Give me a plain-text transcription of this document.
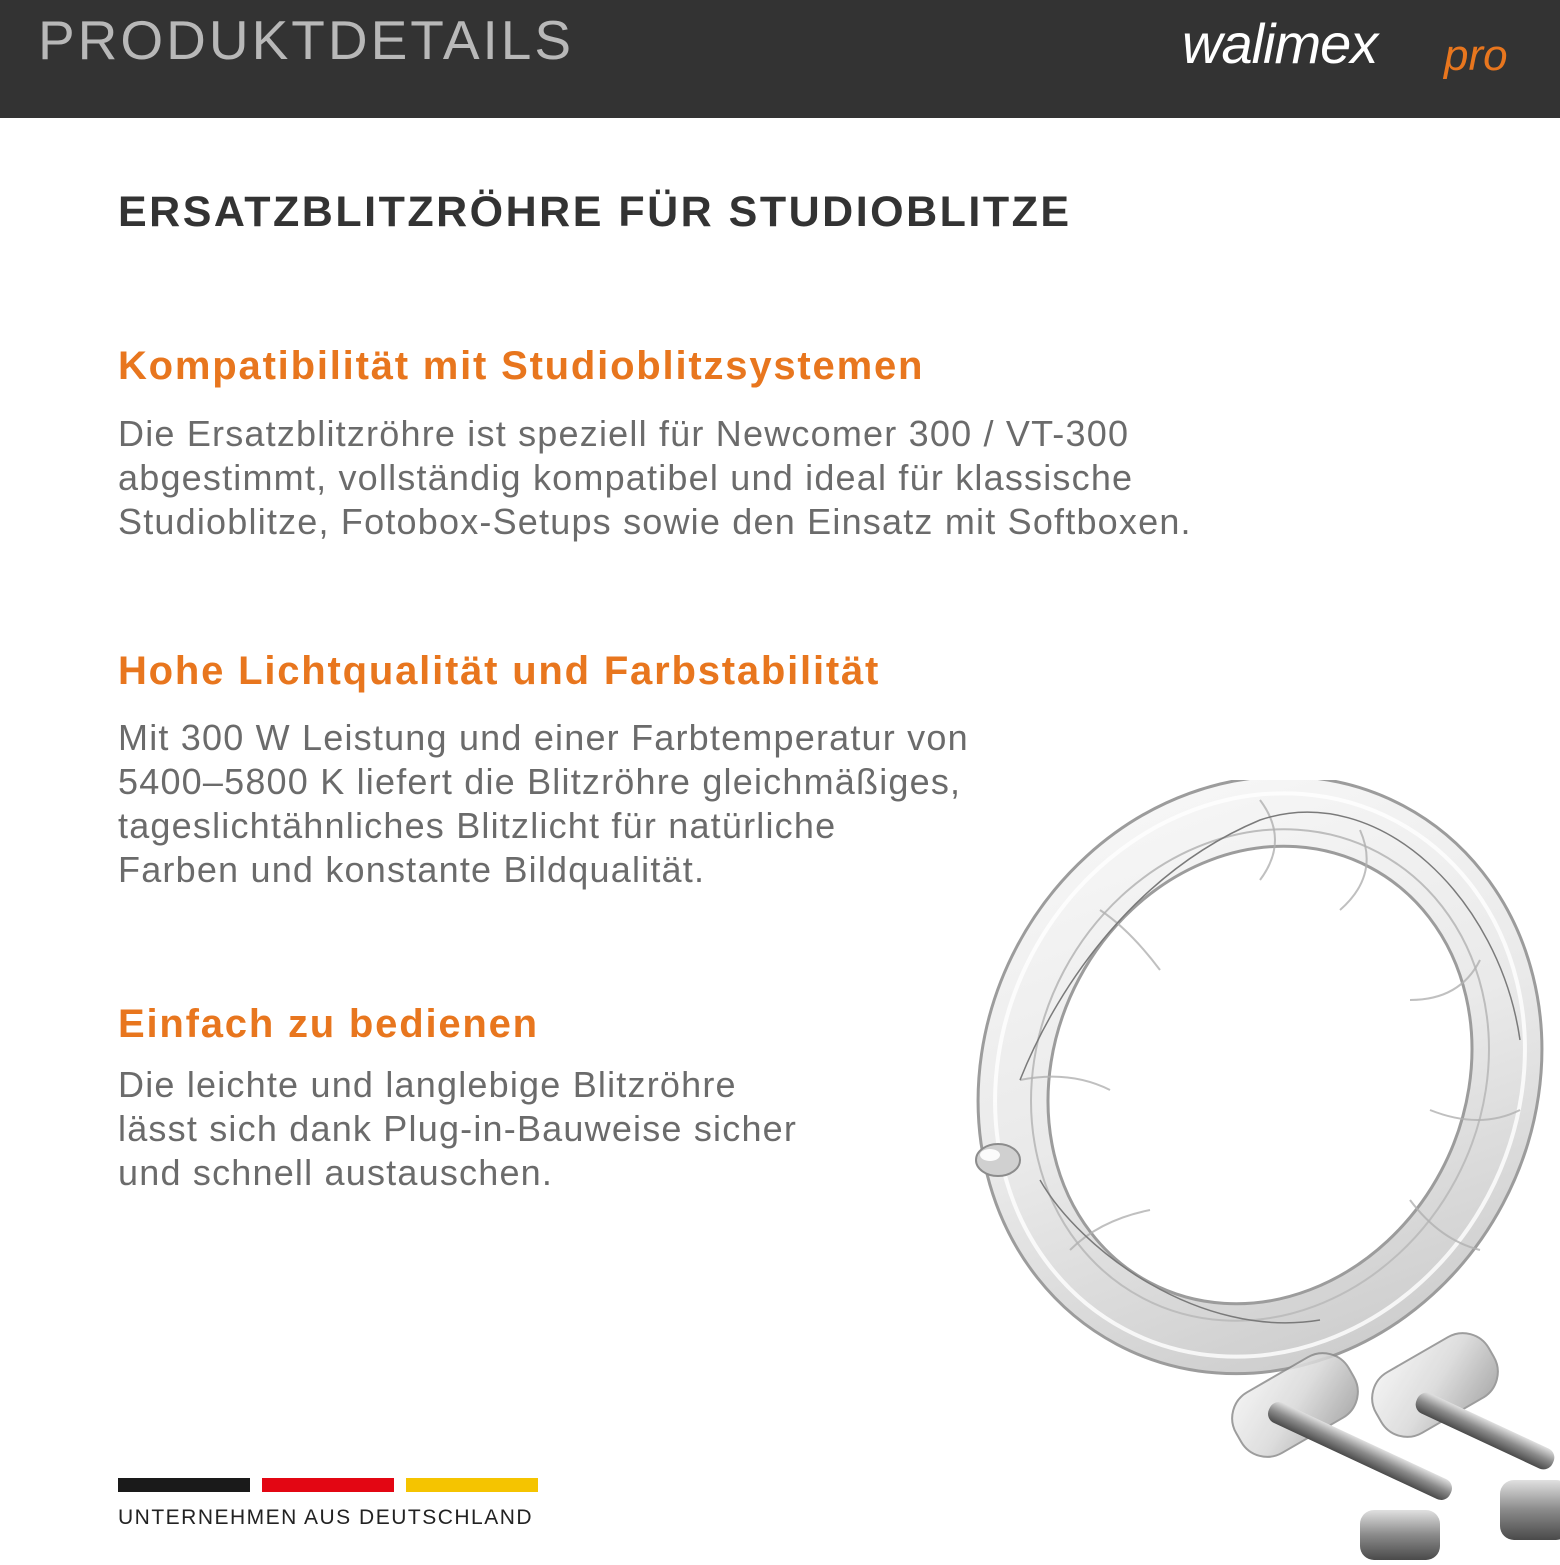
PRODUKTDETAILS	walimex pro
ERSATZBLITZRÖHRE FÜR STUDIOBLITZE
Kompatibilität mit Studioblitzsystemen
Die Ersatzblitzröhre ist speziell für Newcomer 300 / VT-300
abgestimmt, vollständig kompatibel und ideal für klassische
Studioblitze, Fotobox-Setups sowie den Einsatz mit Softboxen.
Hohe Lichtqualität und Farbstabilität
Mit 300 W Leistung und einer Farbtemperatur von
5400–5800 K liefert die Blitzröhre gleichmäßiges,
tageslichtähnliches Blitzlicht für natürliche
Farben und konstante Bildqualität.
Einfach zu bedienen
Die leichte und langlebige Blitzröhre
lässt sich dank Plug-in-Bauweise sicher
und schnell austauschen.
UNTERNEHMEN AUS DEUTSCHLAND
